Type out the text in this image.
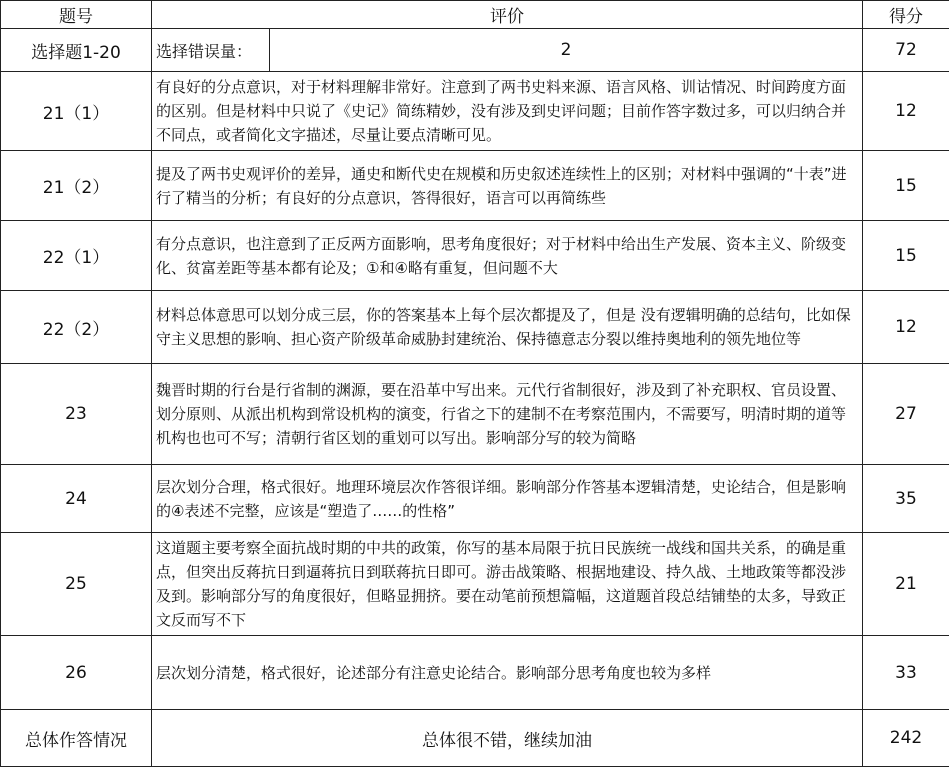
题号	评价		得分
选择题1-20	选择错误量：	2	72
21（1）	有良好的分点意识，对于材料理解非常好。注意到了两书史料来源、语言风格、训诂情况、时间跨度方面的区别。但是材料中只说了《史记》简练精妙，没有涉及到史评问题；目前作答字数过多，可以归纳合并不同点，或者简化文字描述，尽量让要点清晰可见。		12
21（2）	提及了两书史观评价的差异，通史和断代史在规模和历史叙述连续性上的区别；对材料中强调的“十表”进行了精当的分析；有良好的分点意识，答得很好，语言可以再简练些		15
22（1）	有分点意识，也注意到了正反两方面影响，思考角度很好；对于材料中给出生产发展、资本主义、阶级变化、贫富差距等基本都有论及；①和④略有重复，但问题不大		15
22（2）	材料总体意思可以划分成三层，你的答案基本上每个层次都提及了，但是 没有逻辑明确的总结句，比如保守主义思想的影响、担心资产阶级革命威胁封建统治、保持德意志分裂以维持奥地利的领先地位等		12
23	魏晋时期的行台是行省制的渊源，要在沿革中写出来。元代行省制很好，涉及到了补充职权、官员设置、划分原则、从派出机构到常设机构的演变，行省之下的建制不在考察范围内，不需要写，明清时期的道等机构也也可不写；清朝行省区划的重划可以写出。影响部分写的较为简略		27
24	层次划分合理，格式很好。地理环境层次作答很详细。影响部分作答基本逻辑清楚，史论结合，但是影响的④表述不完整，应该是“塑造了……的性格”		35
25	这道题主要考察全面抗战时期的中共的政策，你写的基本局限于抗日民族统一战线和国共关系，的确是重点，但突出反蒋抗日到逼蒋抗日到联蒋抗日即可。游击战策略、根据地建设、持久战、土地政策等都没涉及到。影响部分写的角度很好，但略显拥挤。要在动笔前预想篇幅，这道题首段总结铺垫的太多，导致正文反而写不下		21
26	层次划分清楚，格式很好，论述部分有注意史论结合。影响部分思考角度也较为多样		33
总体作答情况	总体很不错，继续加油		242
